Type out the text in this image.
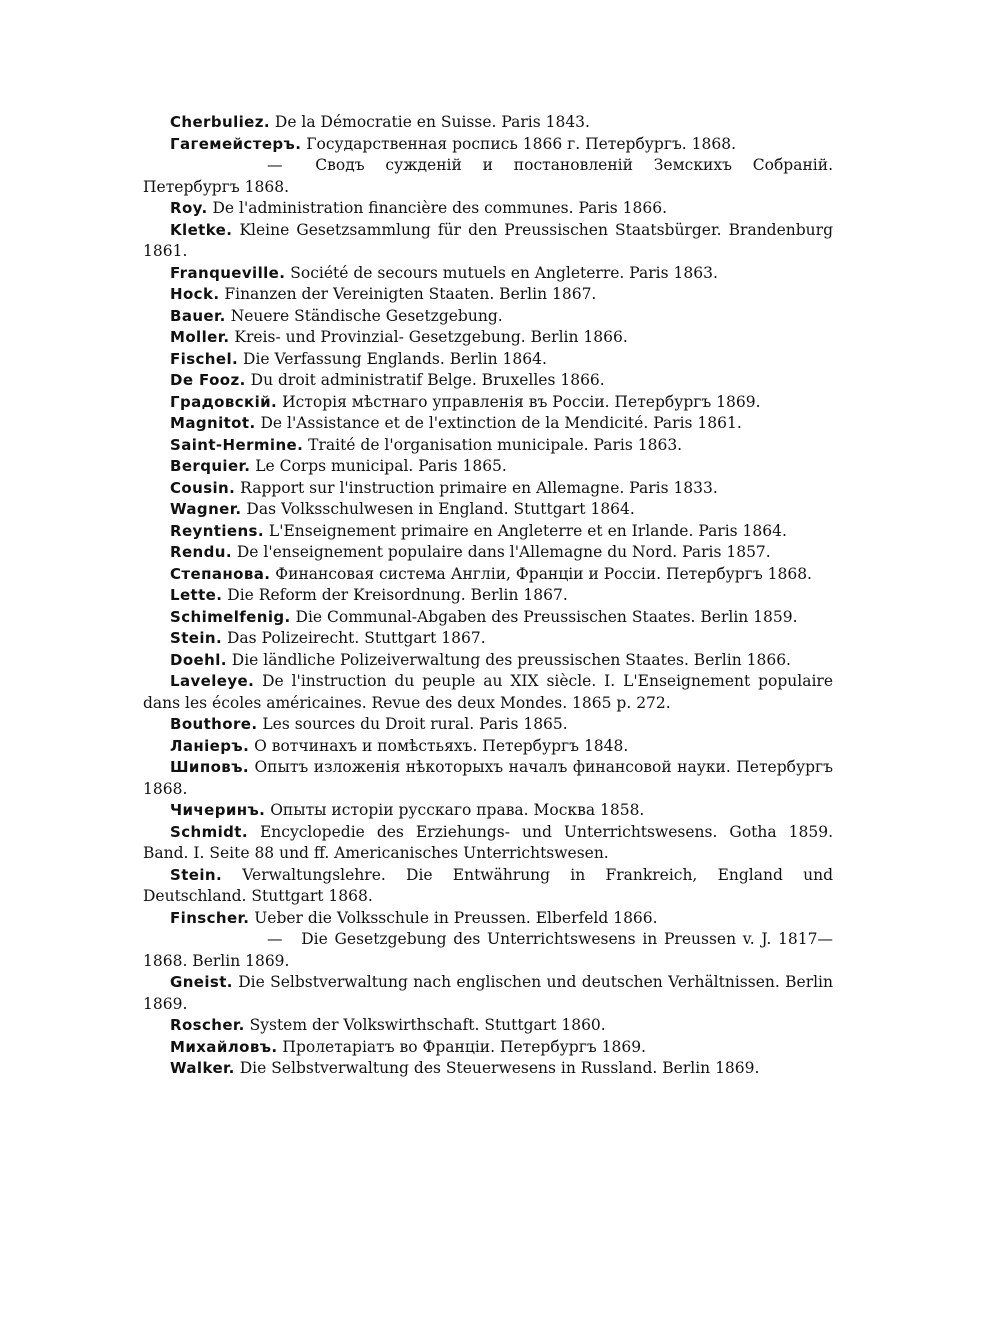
Cherbuliez. De la Démocratie en Suisse. Paris 1843.

Гагемейстеръ. Государственная роспись 1866 г. Петербургъ. 1868.

— Сводъ сужденій и постановленій Земскихъ Собраній. Петербургъ 1868.

Roy. De l'administration financière des communes. Paris 1866.

Kletke. Kleine Gesetzsammlung für den Preussischen Staatsbürger. Brandenburg 1861.

Franqueville. Société de secours mutuels en Angleterre. Paris 1863.

Hock. Finanzen der Vereinigten Staaten. Berlin 1867.

Bauer. Neuere Ständische Gesetzgebung.

Moller. Kreis- und Provinzial- Gesetzgebung. Berlin 1866.

Fischel. Die Verfassung Englands. Berlin 1864.

De Fooz. Du droit administratif Belge. Bruxelles 1866.

Градовскій. Исторія мѣстнаго управленія въ Россіи. Петербургъ 1869.

Magnitot. De l'Assistance et de l'extinction de la Mendicité. Paris 1861.

Saint-Hermine. Traité de l'organisation municipale. Paris 1863.

Berquier. Le Corps municipal. Paris 1865.

Cousin. Rapport sur l'instruction primaire en Allemagne. Paris 1833.

Wagner. Das Volksschulwesen in England. Stuttgart 1864.

Reyntiens. L'Enseignement primaire en Angleterre et en Irlande. Paris 1864.

Rendu. De l'enseignement populaire dans l'Allemagne du Nord. Paris 1857.

Степанова. Финансовая система Англіи, Франціи и Россіи. Петербургъ 1868.

Lette. Die Reform der Kreisordnung. Berlin 1867.

Schimelfenig. Die Communal-Abgaben des Preussischen Staates. Berlin 1859.

Stein. Das Polizeirecht. Stuttgart 1867.

Doehl. Die ländliche Polizeiverwaltung des preussischen Staates. Berlin 1866.

Laveleye. De l'instruction du peuple au XIX siècle. I. L'Enseignement populaire dans les écoles américaines. Revue des deux Mondes. 1865 p. 272.

Bouthore. Les sources du Droit rural. Paris 1865.

Ланіеръ. О вотчинахъ и помѣстьяхъ. Петербургъ 1848.

Шиповъ. Опытъ изложенія нѣкоторыхъ началъ финансовой науки. Петербургъ 1868.

Чичеринъ. Опыты исторіи русскаго права. Москва 1858.

Schmidt. Encyclopedie des Erziehungs- und Unterrichtswesens. Gotha 1859. Band. I. Seite 88 und ff. Americanisches Unterrichtswesen.

Stein. Verwaltungslehre. Die Entwährung in Frankreich, England und Deutschland. Stuttgart 1868.

Finscher. Ueber die Volksschule in Preussen. Elberfeld 1866.

— Die Gesetzgebung des Unterrichtswesens in Preussen v. J. 1817—1868. Berlin 1869.

Gneist. Die Selbstverwaltung nach englischen und deutschen Verhältnissen. Berlin 1869.

Roscher. System der Volkswirthschaft. Stuttgart 1860.

Михайловъ. Пролетаріатъ во Франціи. Петербургъ 1869.

Walker. Die Selbstverwaltung des Steuerwesens in Russland. Berlin 1869.
